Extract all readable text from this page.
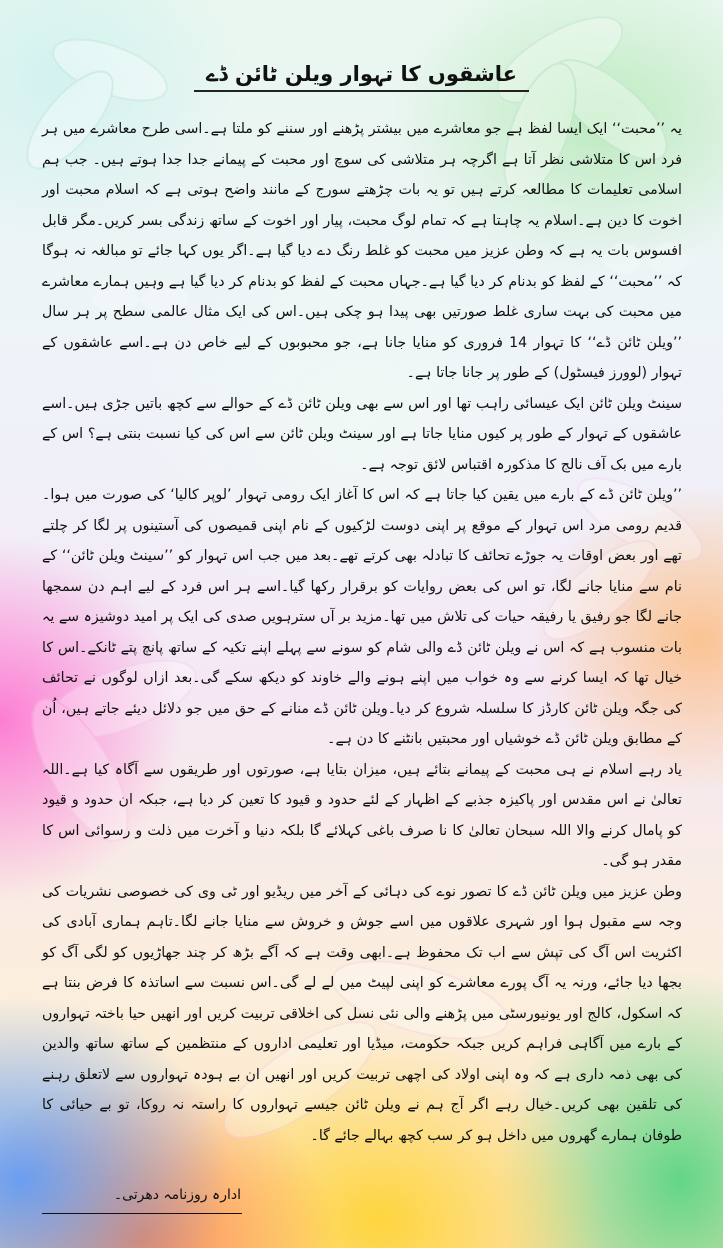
عاشقوں کا تہوار ویلن ٹائن ڈے

یہ ’’محبت‘‘ ایک ایسا لفظ ہے جو معاشرے میں بیشتر پڑھنے اور سننے کو ملتا ہے۔اسی طرح معاشرے میں ہر فرد اس کا متلاشی نظر آتا ہے اگرچہ ہر متلاشی کی سوچ اور محبت کے پیمانے جدا جدا ہوتے ہیں۔ جب ہم اسلامی تعلیمات کا مطالعہ کرتے ہیں تو یہ بات چڑھتے سورج کے مانند واضح ہوتی ہے کہ اسلام محبت اور اخوت کا دین ہے۔اسلام یہ چاہتا ہے کہ تمام لوگ محبت، پیار اور اخوت کے ساتھ زندگی بسر کریں۔مگر قابل افسوس بات یہ ہے کہ وطن عزیز میں محبت کو غلط رنگ دے دیا گیا ہے۔اگر یوں کہا جائے تو مبالغہ نہ ہوگا کہ ’’محبت‘‘ کے لفظ کو بدنام کر دیا گیا ہے۔جہاں محبت کے لفظ کو بدنام کر دیا گیا ہے وہیں ہمارے معاشرے میں محبت کی بہت ساری غلط صورتیں بھی پیدا ہو چکی ہیں۔اس کی ایک مثال عالمی سطح پر ہر سال ’’ویلن ٹائن ڈے‘‘ کا تہوار 14 فروری کو منایا جانا ہے، جو محبوبوں کے لیے خاص دن ہے۔اسے عاشقوں کے تہوار (لوورز فیسٹول) کے طور پر جانا جاتا ہے۔

سینٹ ویلن ٹائن ایک عیسائی راہب تھا اور اس سے بھی ویلن ٹائن ڈے کے حوالے سے کچھ باتیں جڑی ہیں۔اسے عاشقوں کے تہوار کے طور پر کیوں منایا جاتا ہے اور سینٹ ویلن ٹائن سے اس کی کیا نسبت بنتی ہے؟ اس کے بارے میں بک آف نالج کا مذکورہ اقتباس لائق توجہ ہے۔

’’ویلن ٹائن ڈے کے بارے میں یقین کیا جاتا ہے کہ اس کا آغاز ایک رومی تہوار ’لوپر کالیا‘ کی صورت میں ہوا۔قدیم رومی مرد اس تہوار کے موقع پر اپنی دوست لڑکیوں کے نام اپنی قمیصوں کی آستینوں پر لگا کر چلتے تھے اور بعض اوقات یہ جوڑے تحائف کا تبادلہ بھی کرتے تھے۔بعد میں جب اس تہوار کو ’’سینٹ ویلن ٹائن‘‘ کے نام سے منایا جانے لگا، تو اس کی بعض روایات کو برقرار رکھا گیا۔اسے ہر اس فرد کے لیے اہم دن سمجھا جانے لگا جو رفیق یا رفیقہ حیات کی تلاش میں تھا۔مزید بر آں سترہویں صدی کی ایک پر امید دوشیزہ سے یہ بات منسوب ہے کہ اس نے ویلن ٹائن ڈے والی شام کو سونے سے پہلے اپنے تکیہ کے ساتھ پانچ پتے ٹانکے۔اس کا خیال تھا کہ ایسا کرنے سے وہ خواب میں اپنے ہونے والے خاوند کو دیکھ سکے گی۔بعد ازاں لوگوں نے تحائف کی جگہ ویلن ٹائن کارڈز کا سلسلہ شروع کر دیا۔ویلن ٹائن ڈے منانے کے حق میں جو دلائل دیئے جاتے ہیں، اُن کے مطابق ویلن ٹائن ڈے خوشیاں اور محبتیں بانٹنے کا دن ہے۔

یاد رہے اسلام نے ہی محبت کے پیمانے بتائے ہیں، میزان بتایا ہے، صورتوں اور طریقوں سے آگاہ کیا ہے۔اللہ تعالیٰ نے اس مقدس اور پاکیزہ جذبے کے اظہار کے لئے حدود و قیود کا تعین کر دیا ہے، جبکہ ان حدود و قیود کو پامال کرنے والا اللہ سبحان تعالیٰ کا نا صرف باغی کہلائے گا بلکہ دنیا و آخرت میں ذلت و رسوائی اس کا مقدر ہو گی۔

وطن عزیز میں ویلن ٹائن ڈے کا تصور نوے کی دہائی کے آخر میں ریڈیو اور ٹی وی کی خصوصی نشریات کی وجہ سے مقبول ہوا اور شہری علاقوں میں اسے جوش و خروش سے منایا جانے لگا۔تاہم ہماری آبادی کی اکثریت اس آگ کی تپش سے اب تک محفوظ ہے۔ابھی وقت ہے کہ آگے بڑھ کر چند جھاڑیوں کو لگی آگ کو بجھا دیا جائے، ورنہ یہ آگ پورے معاشرے کو اپنی لپیٹ میں لے لے گی۔اس نسبت سے اساتذہ کا فرض بنتا ہے کہ اسکول، کالج اور یونیورسٹی میں پڑھنے والی نئی نسل کی اخلاقی تربیت کریں اور انھیں حیا باختہ تہواروں کے بارے میں آگاہی فراہم کریں جبکہ حکومت، میڈیا اور تعلیمی اداروں کے منتظمین کے ساتھ ساتھ والدین کی بھی ذمہ داری ہے کہ وہ اپنی اولاد کی اچھی تربیت کریں اور انھیں ان بے ہودہ تہواروں سے لاتعلق رہنے کی تلقین بھی کریں۔خیال رہے اگر آج ہم نے ویلن ٹائن جیسے تہواروں کا راستہ نہ روکا، تو بے حیائی کا طوفان ہمارے گھروں میں داخل ہو کر سب کچھ بہالے جائے گا۔

ادارہ روزنامہ دھرتی۔
